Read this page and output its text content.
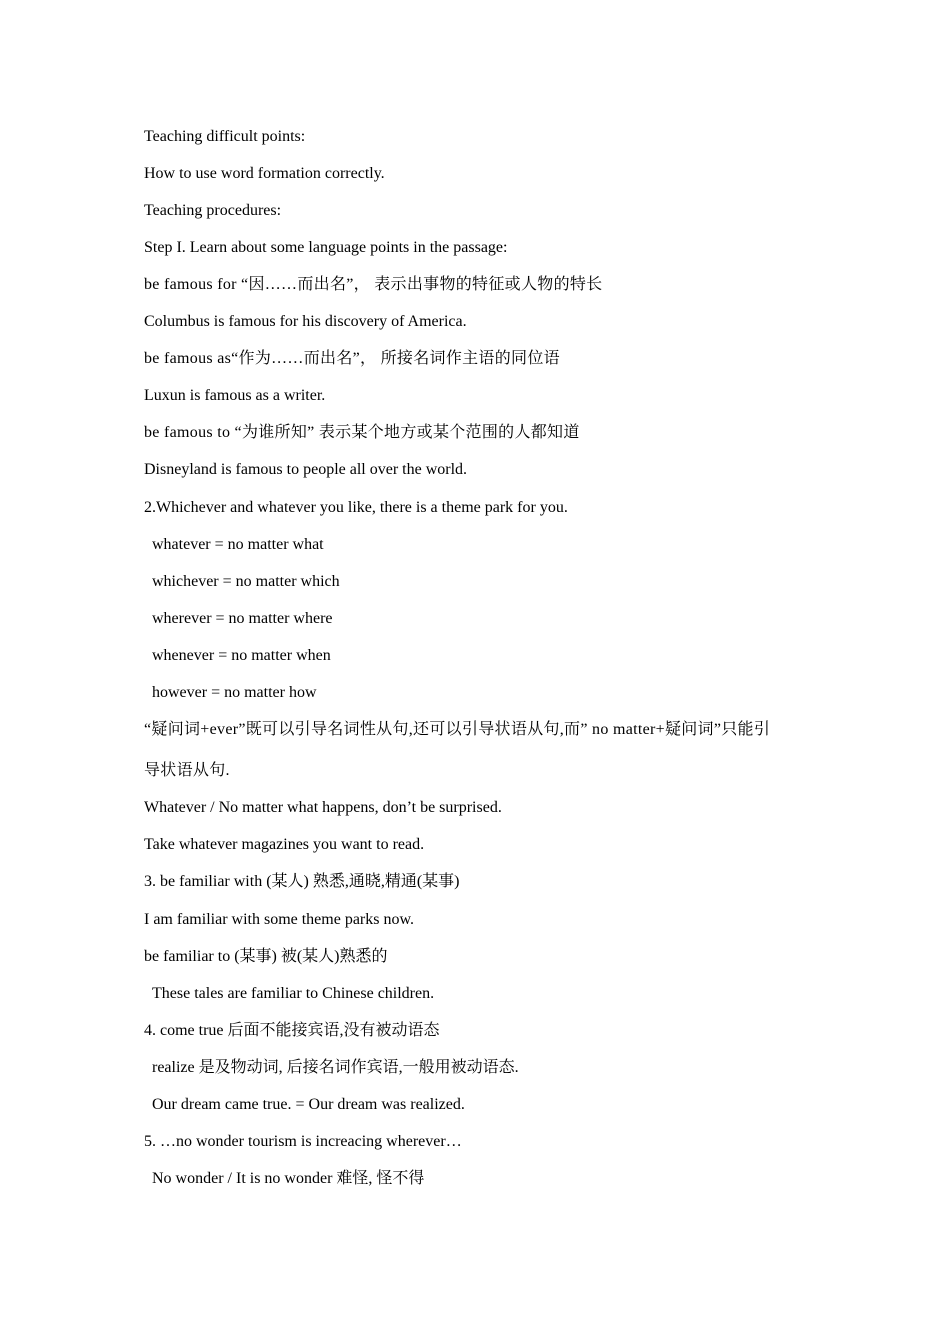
Teaching difficult points:
How to use word formation correctly.
Teaching procedures:
Step I. Learn about some language points in the passage:
be famous for “因……而出名”， 表示出事物的特征或人物的特长
Columbus is famous for his discovery of America.
be famous as“作为……而出名”， 所接名词作主语的同位语
Luxun is famous as a writer.
be famous to “为谁所知” 表示某个地方或某个范围的人都知道
Disneyland is famous to people all over the world.
2.Whichever and whatever you like, there is a theme park for you.
whatever = no matter what
whichever = no matter which
wherever = no matter where
whenever = no matter when
however = no matter how
“疑问词+ever”既可以引导名词性从句,还可以引导状语从句,而” no matter+疑问词”只能引
导状语从句.
Whatever / No matter what happens, don’t be surprised.
Take whatever magazines you want to read.
3. be familiar with (某人) 熟悉,通晓,精通(某事)
I am familiar with some theme parks now.
be familiar to (某事) 被(某人)熟悉的
These tales are familiar to Chinese children.
4. come true 后面不能接宾语,没有被动语态
realize 是及物动词, 后接名词作宾语,一般用被动语态.
Our dream came true. = Our dream was realized.
5. …no wonder tourism is increacing wherever…
No wonder / It is no wonder 难怪, 怪不得
